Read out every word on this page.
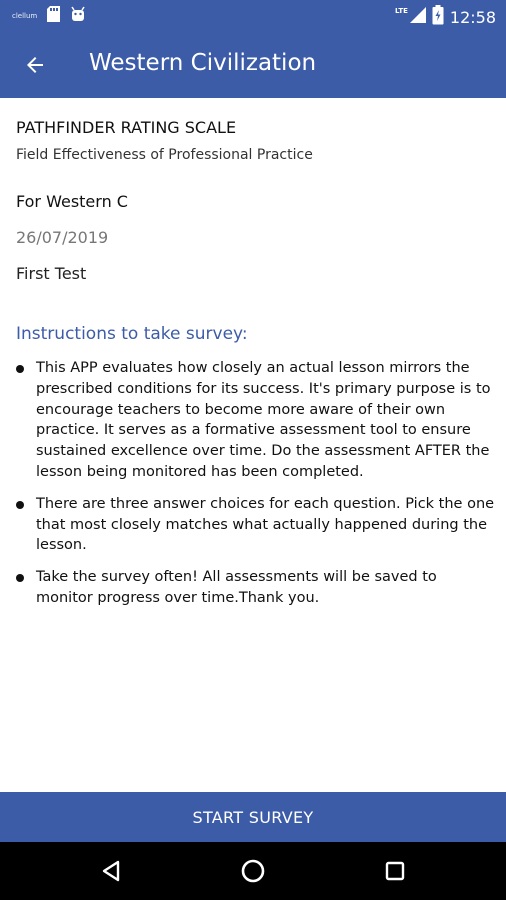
clellum
LTE	12:58
Western Civilization
PATHFINDER RATING SCALE
Field Effectiveness of Professional Practice
For Western C
26/07/2019
First Test
Instructions to take survey:
This APP evaluates how closely an actual lesson mirrors the prescribed conditions for its success. It's primary purpose is to encourage teachers to become more aware of their own practice. It serves as a formative assessment tool to ensure sustained excellence over time. Do the assessment AFTER the lesson being monitored has been completed.
There are three answer choices for each question. Pick the one that most closely matches what actually happened during the lesson.
Take the survey often! All assessments will be saved to monitor progress over time.Thank you.
START SURVEY
